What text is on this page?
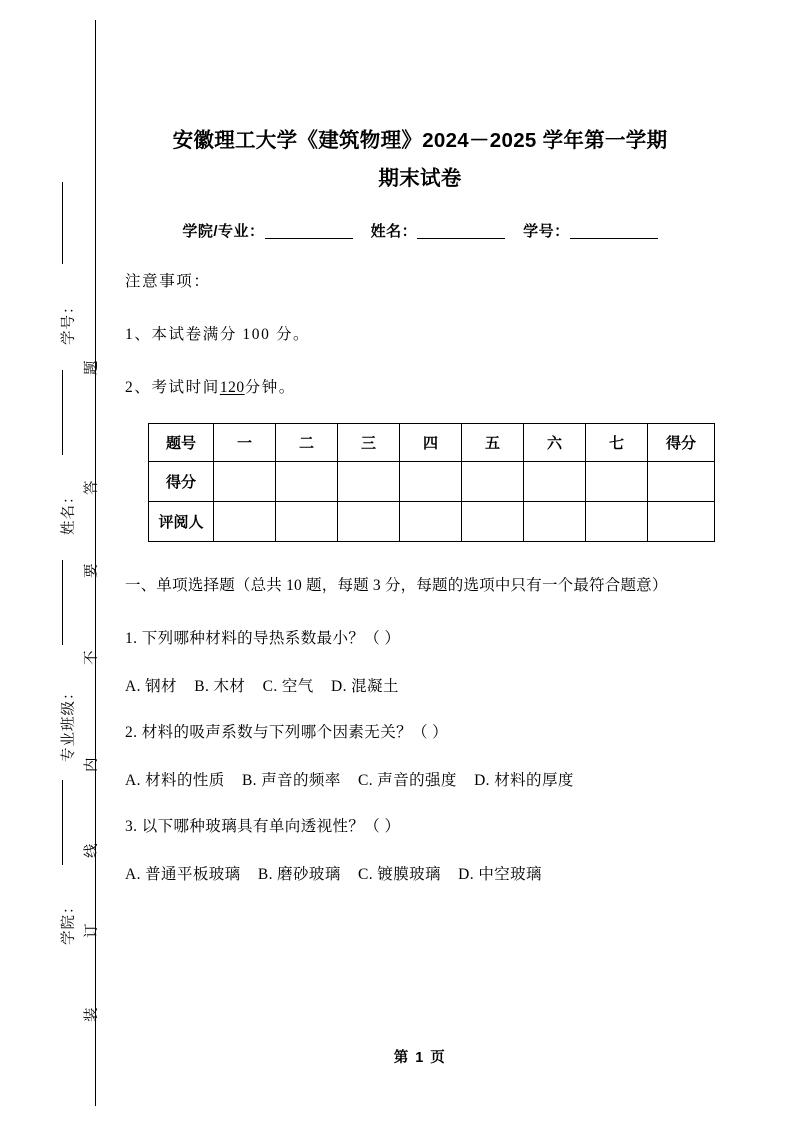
学号：
姓名：
专业班级：
学院：
题
答
要
不
内
线
订
装
安徽理工大学《建筑物理》2024－2025 学年第一学期
期末试卷
学院/专业：	姓名：	学号：

注意事项：

1、本试卷满分 100 分。

2、考试时间120分钟。

题号	一	二	三	四	五	六	七	得分
得分								
评阅人								

一、单项选择题（总共 10 题，每题 3 分，每题的选项中只有一个最符合题意）

1. 下列哪种材料的导热系数最小？（ ）

A. 钢材 B. 木材 C. 空气 D. 混凝土

2. 材料的吸声系数与下列哪个因素无关？（ ）

A. 材料的性质 B. 声音的频率 C. 声音的强度 D. 材料的厚度

3. 以下哪种玻璃具有单向透视性？（ ）

A. 普通平板玻璃 B. 磨砂玻璃 C. 镀膜玻璃 D. 中空玻璃

第 1 页
